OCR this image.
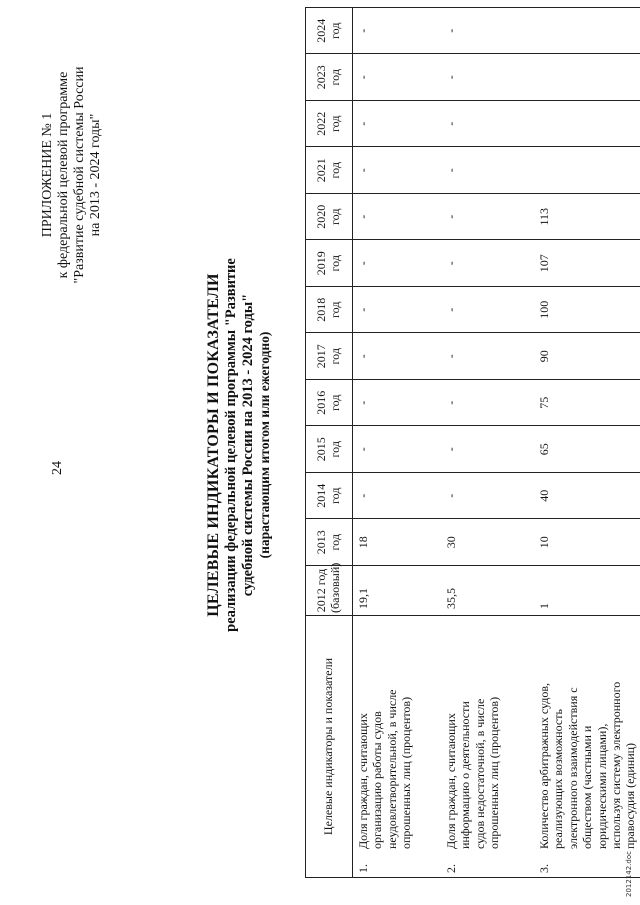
24
ПРИЛОЖЕНИЕ № 1 к федеральной целевой программе "Развитие судебной системы России на 2013 - 2024 годы"
ЦЕЛЕВЫЕ ИНДИКАТОРЫ И ПОКАЗАТЕЛИ реализации федеральной целевой программы "Развитие судебной системы России на 2013 - 2024 годы" (нарастающим итогом или ежегодно)
Целевые индикаторы и показатели	2012 год (базовый)	2013 год	2014 год	2015 год	2016 год	2017 год	2018 год	2019 год	2020 год	2021 год	2022 год	2023 год	2024 год
1.Доля граждан, считающих организацию работы судов неудовлетворительной, в числе опрошенных лиц (процентов)	19,1	18	-	-	-	-	-	-	-	-	-	-	-
2.Доля граждан, считающих информацию о деятельности судов недостаточной, в числе опрошенных лиц (процентов)	35,5	30	-	-	-	-	-	-	-	-	-	-	-
3.Количество арбитражных судов, реализующих возможность электронного взаимодействия с обществом (частными и юридическими лицами), используя систему электронного правосудия (единиц)	1	10	40	65	75	90	100	107	113				
2012142.doc
